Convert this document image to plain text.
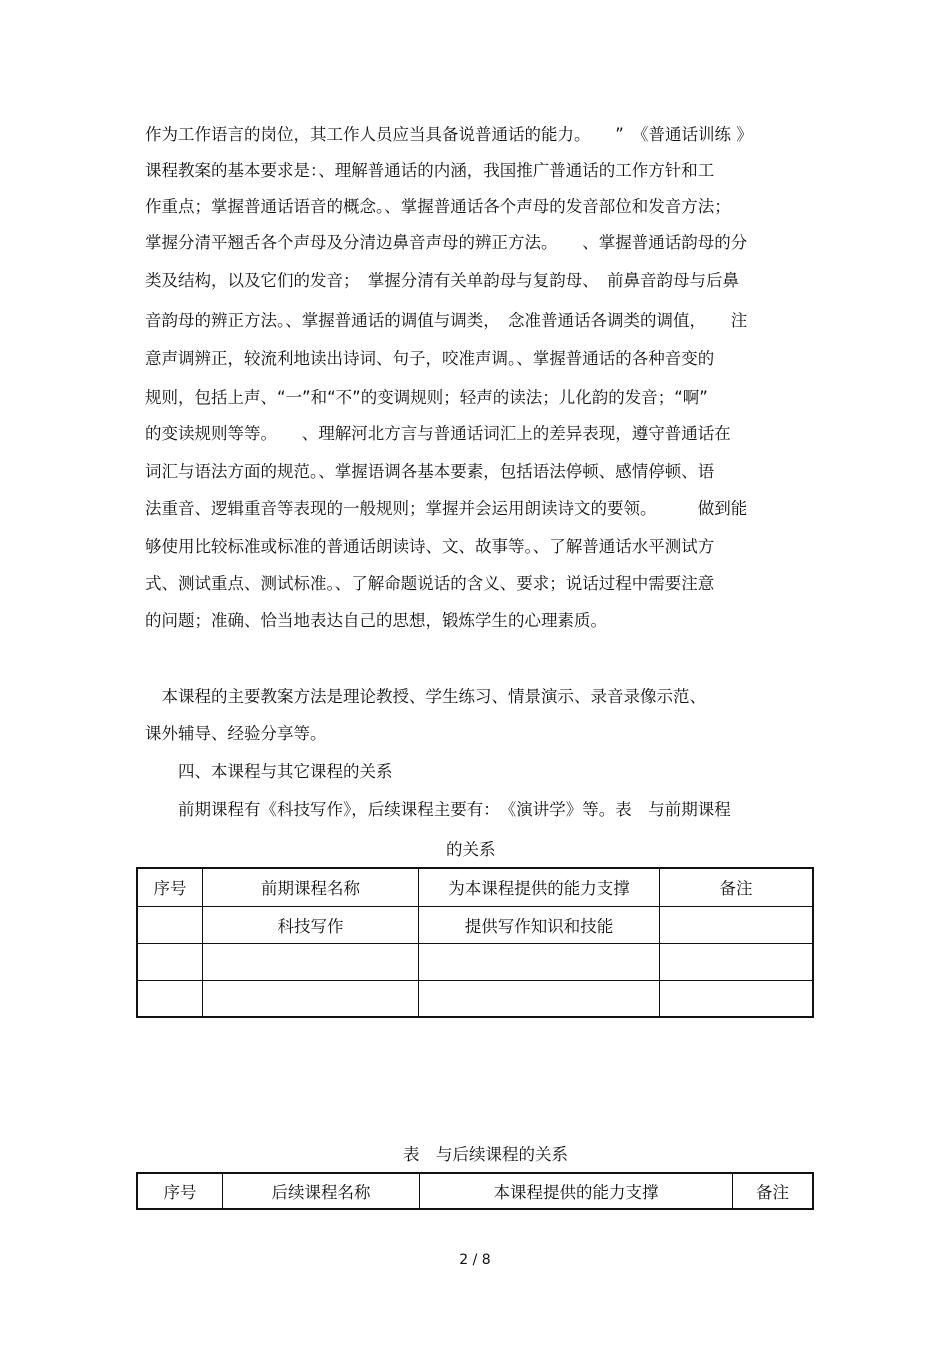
作为工作语言的岗位，其工作人员应当具备说普通话的能力。　　”　《普通话训练 》
课程教案的基本要求是：、理解普通话的内涵，我国推广普通话的工作方针和工
作重点；掌握普通话语音的概念。、掌握普通话各个声母的发音部位和发音方法；
掌握分清平翘舌各个声母及分清边鼻音声母的辨正方法。　　、掌握普通话韵母的分
类及结构，以及它们的发音；　掌握分清有关单韵母与复韵母、　前鼻音韵母与后鼻
音韵母的辨正方法。、掌握普通话的调值与调类，　念准普通话各调类的调值，　　注
意声调辨正，较流利地读出诗词、句子，咬准声调。、掌握普通话的各种音变的
规则，包括上声、“一”和“不”的变调规则；轻声的读法；儿化韵的发音；“啊”
的变读规则等等。　　、理解河北方言与普通话词汇上的差异表现，遵守普通话在
词汇与语法方面的规范。、掌握语调各基本要素，包括语法停顿、感情停顿、语
法重音、逻辑重音等表现的一般规则；掌握并会运用朗读诗文的要领。　　　做到能
够使用比较标准或标准的普通话朗读诗、文、故事等。、了解普通话水平测试方
式、测试重点、测试标准。、了解命题说话的含义、要求；说话过程中需要注意
的问题；准确、恰当地表达自己的思想，锻炼学生的心理素质。
　本课程的主要教案方法是理论教授、学生练习、情景演示、录音录像示范、
课外辅导、经验分享等。
　　四、本课程与其它课程的关系
　　前期课程有《科技写作》，后续课程主要有：　《演讲学》等。表　与前期课程
的关系
序号	前期课程名称	为本课程提供的能力支撑	备注
	科技写作	提供写作知识和技能	

表　与后续课程的关系
序号	后续课程名称	本课程提供的能力支撑	备注
2 / 8
